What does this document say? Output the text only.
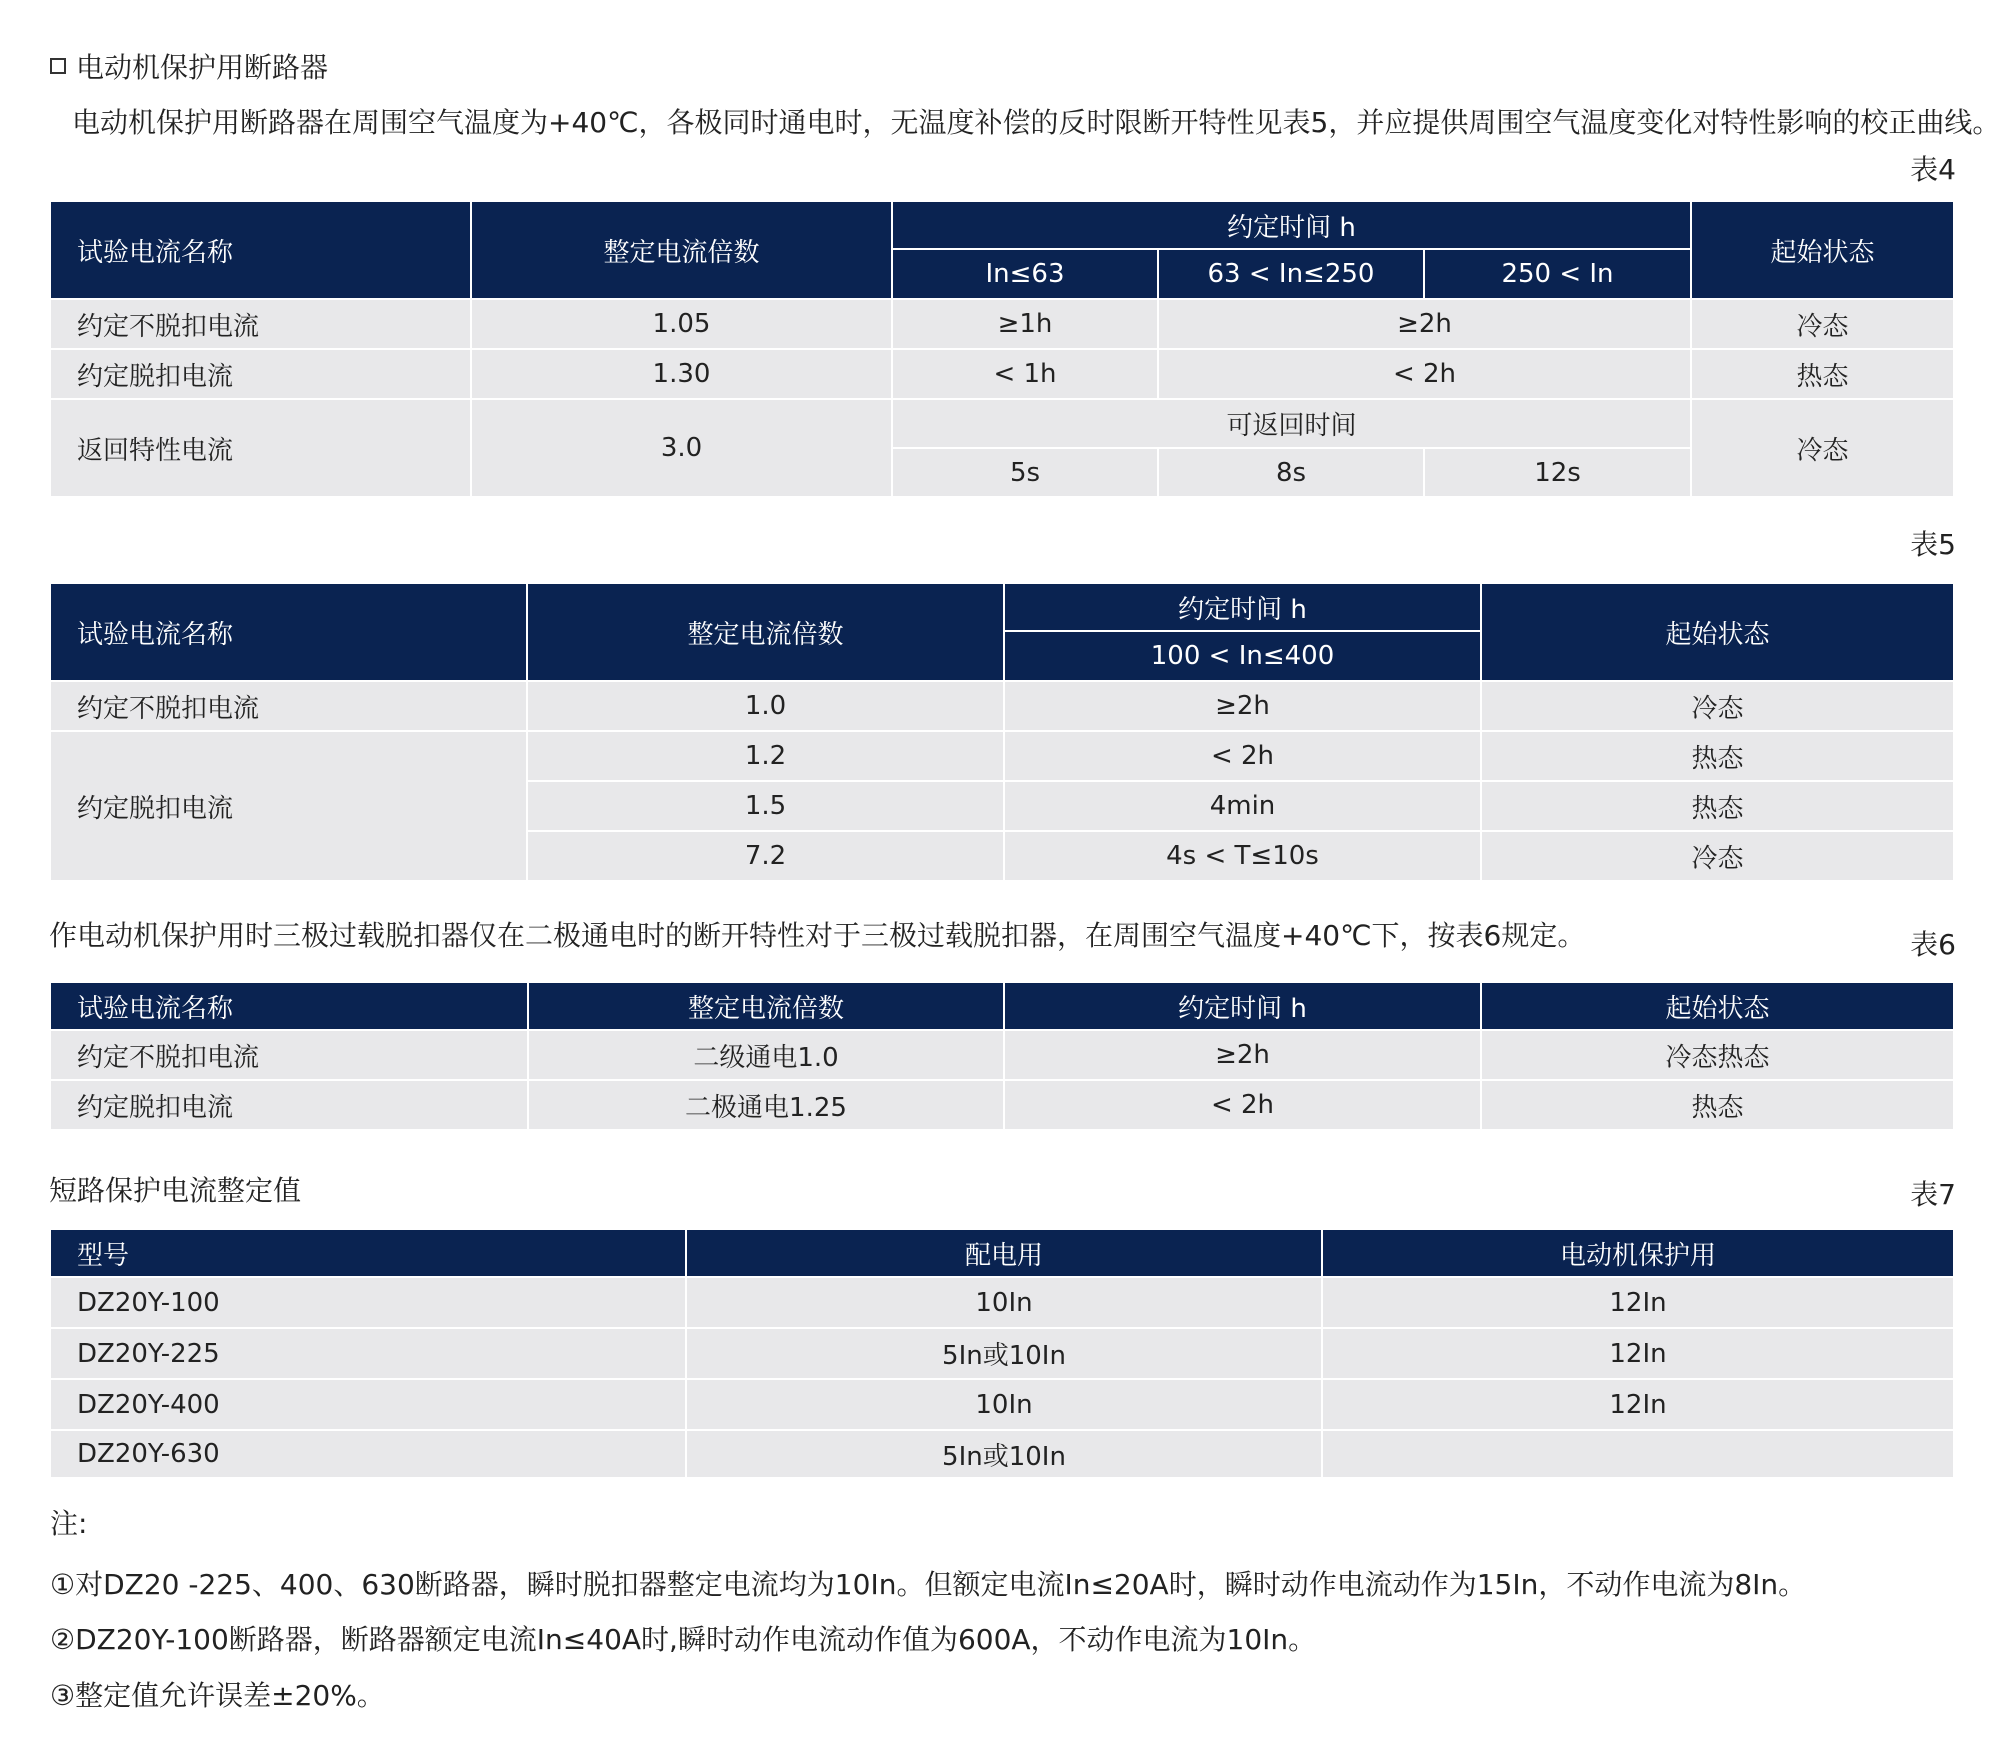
电动机保护用断路器
电动机保护用断路器在周围空气温度为+40℃，各极同时通电时，无温度补偿的反时限断开特性见表5，并应提供周围空气温度变化对特性影响的校正曲线。
表4
试验电流名称	整定电流倍数	约定时间 h			起始状态
		In≤63	63 < In≤250	250 < In	
约定不脱扣电流	1.05	≥1h	≥2h		冷态
约定脱扣电流	1.30	< 1h	< 2h		热态
返回特性电流	3.0	可返回时间			冷态
		5s	8s	12s	
表5
试验电流名称	整定电流倍数	约定时间 h	起始状态
		100 < In≤400	
约定不脱扣电流	1.0	≥2h	冷态
约定脱扣电流	1.2	< 2h	热态
	1.5	4min	热态
	7.2	4s < T≤10s	冷态
作电动机保护用时三极过载脱扣器仅在二极通电时的断开特性对于三极过载脱扣器，在周围空气温度+40℃下，按表6规定。	表6
试验电流名称	整定电流倍数	约定时间 h	起始状态
约定不脱扣电流	二级通电1.0	≥2h	冷态热态
约定脱扣电流	二极通电1.25	< 2h	热态
短路保护电流整定值	表7
型号	配电用	电动机保护用
DZ20Y-100	10In	12In
DZ20Y-225	5In或10In	12In
DZ20Y-400	10In	12In
DZ20Y-630	5In或10In	
注:
①对DZ20 -225、400、630断路器，瞬时脱扣器整定电流均为10In。但额定电流In≤20A时，瞬时动作电流动作为15In，不动作电流为8In。
②DZ20Y-100断路器，断路器额定电流In≤40A时,瞬时动作电流动作值为600A，不动作电流为10In。
③整定值允许误差±20%。
